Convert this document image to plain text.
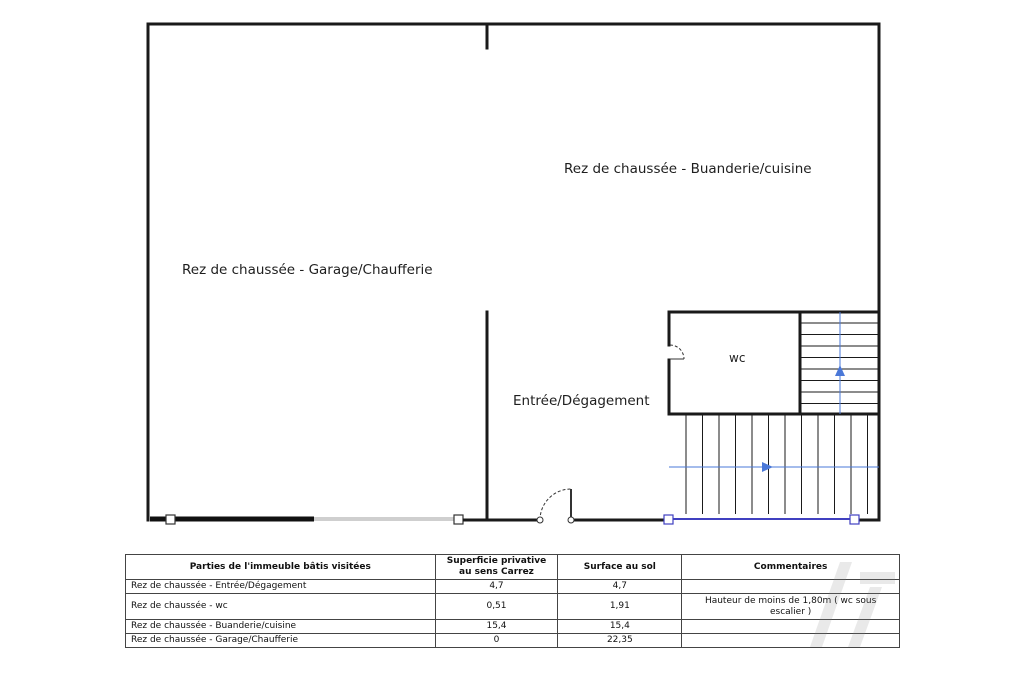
Rez de chaussée - Garage/Chaufferie
Rez de chaussée - Buanderie/cuisine
Entrée/Dégagement
wc
Parties de l'immeuble bâtis visitées	Superficie privative au sens Carrez	Surface au sol	Commentaires
Rez de chaussée - Entrée/Dégagement	4,7	4,7	
Rez de chaussée - wc	0,51	1,91	Hauteur de moins de 1,80m ( wc sous escalier )
Rez de chaussée - Buanderie/cuisine	15,4	15,4	
Rez de chaussée - Garage/Chaufferie	0	22,35	
